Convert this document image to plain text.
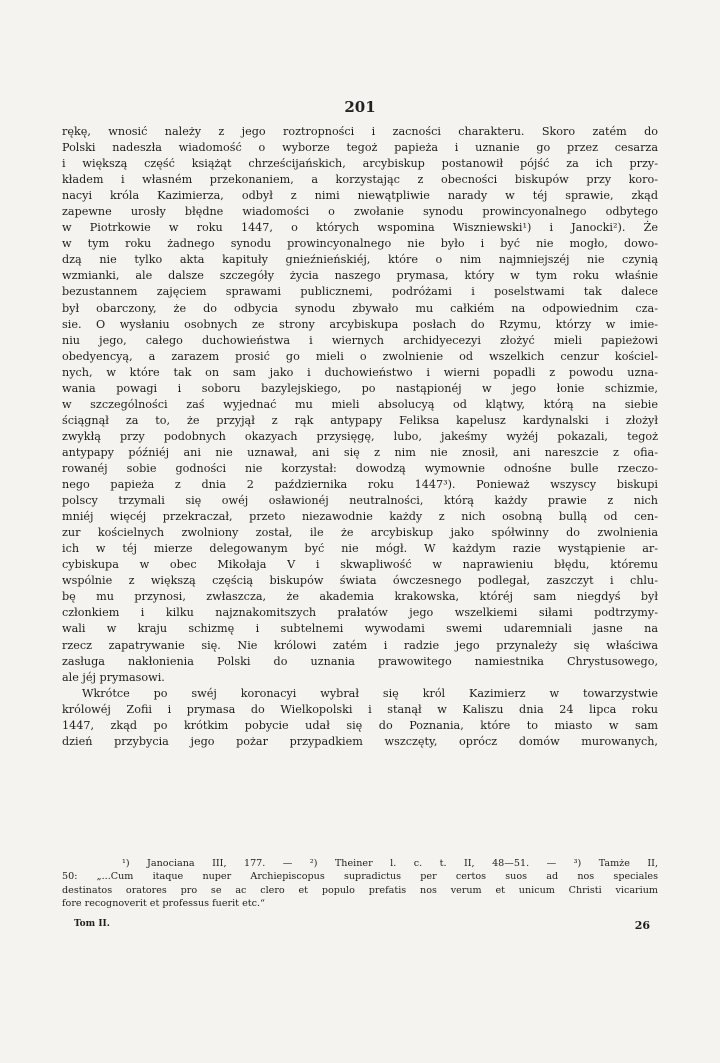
201
rękę, wnosić należy z jego roztropności i zacności charakteru. Skoro zatém do
Polski nadeszła wiadomość o wyborze tegoż papieża i uznanie go przez cesarza
i większą część książąt chrześcijańskich, arcybiskup postanowił pójść za ich przy-
kładem i własném przekonaniem, a korzystając z obecności biskupów przy koro-
nacyi króla Kazimierza, odbył z nimi niewątpliwie narady w téj sprawie, zkąd
zapewne urosły błędne wiadomości o zwołanie synodu prowincyonalnego odbytego
w Piotrkowie w roku 1447, o których wspomina Wiszniewski¹) i Janocki²). Że
w tym roku żadnego synodu prowincyonalnego nie było i być nie mogło, dowo-
dzą nie tylko akta kapituły gnieźnieńskiéj, które o nim najmniejszéj nie czynią
wzmianki, ale dalsze szczegóły życia naszego prymasa, który w tym roku właśnie
bezustannem zajęciem sprawami publicznemi, podróżami i poselstwami tak dalece
był obarczony, że do odbycia synodu zbywało mu całkiém na odpowiednim cza-
sie. O wysłaniu osobnych ze strony arcybiskupa posłach do Rzymu, którzy w imie-
niu jego, całego duchowieństwa i wiernych archidyecezyi złożyć mieli papieżowi
obedyencyą, a zarazem prosić go mieli o zwolnienie od wszelkich cenzur kościel-
nych, w które tak on sam jako i duchowieństwo i wierni popadli z powodu uzna-
wania powagi i soboru bazylejskiego, po nastąpionéj w jego łonie schizmie,
w szczególności zaś wyjednać mu mieli absolucyą od klątwy, którą na siebie
ściągnął za to, że przyjął z rąk antypapy Feliksa kapelusz kardynalski i złożył
zwykłą przy podobnych okazyach przysięgę, lubo, jakeśmy wyżéj pokazali, tegoż
antypapy późniéj ani nie uznawał, ani się z nim nie znosił, ani nareszcie z ofia-
rowanéj sobie godności nie korzystał: dowodzą wymownie odnośne bulle rzeczo-
nego papieża z dnia 2 października roku 1447³). Ponieważ wszyscy biskupi
polscy trzymali się owéj osławionéj neutralności, którą każdy prawie z nich
mniéj więcéj przekraczał, przeto niezawodnie każdy z nich osobną bullą od cen-
zur kościelnych zwolniony został, ile że arcybiskup jako spółwinny do zwolnienia
ich w téj mierze delegowanym być nie mógł. W każdym razie wystąpienie ar-
cybiskupa w obec Mikołaja V i skwapliwość w naprawieniu błędu, któremu
wspólnie z większą częścią biskupów świata ówczesnego podlegał, zaszczyt i chlu-
bę mu przynosi, zwłaszcza, że akademia krakowska, któréj sam niegdyś był
członkiem i kilku najznakomitszych prałatów jego wszelkiemi siłami podtrzymy-
wali w kraju schizmę i subtelnemi wywodami swemi udaremniali jasne na
rzecz zapatrywanie się. Nie królowi zatém i radzie jego przynależy się właściwa
zasługa nakłonienia Polski do uznania prawowitego namiestnika Chrystusowego,
ale jéj prymasowi.
Wkrótce po swéj koronacyi wybrał się król Kazimierz w towarzystwie
królowéj Zofii i prymasa do Wielkopolski i stanął w Kaliszu dnia 24 lipca roku
1447, zkąd po krótkim pobycie udał się do Poznania, które to miasto w sam
dzień przybycia jego pożar przypadkiem wszczęty, oprócz domów murowanych,
¹) Janociana III, 177. — ²) Theiner l. c. t. II, 48—51. — ³) Tamże II,
50: „...Cum itaque nuper Archiepiscopus supradictus per certos suos ad nos speciales
destinatos oratores pro se ac clero et populo prefatis nos verum et unicum Christi vicarium
fore recognoverit et professus fuerit etc.“
Tom II.	26
